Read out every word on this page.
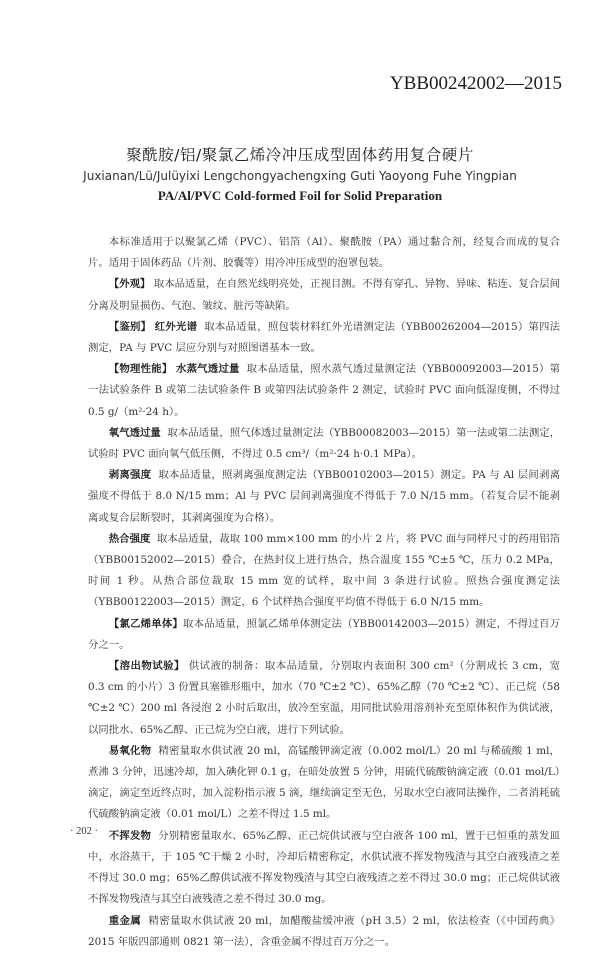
YBB00242002—2015
聚酰胺/铝/聚氯乙烯冷冲压成型固体药用复合硬片
Juxianan/Lü/Julüyixi Lengchongyachengxing Guti Yaoyong Fuhe Yingpian
PA/Al/PVC Cold-formed Foil for Solid Preparation

本标准适用于以聚氯乙烯（PVC）、铝箔（Al）、聚酰胺（PA）通过黏合剂，经复合而成的复合片。适用于固体药品（片剂、胶囊等）用冷冲压成型的泡罩包装。

【外观】 取本品适量，在自然光线明亮处，正视目测。不得有穿孔、异物、异味、粘连、复合层间分离及明显损伤、气泡、皱纹、脏污等缺陷。

【鉴别】 红外光谱 取本品适量，照包装材料红外光谱测定法（YBB00262004—2015）第四法测定，PA 与 PVC 层应分别与对照图谱基本一致。

【物理性能】 水蒸气透过量 取本品适量，照水蒸气透过量测定法（YBB00092003—2015）第一法试验条件 B 或第二法试验条件 B 或第四法试验条件 2 测定，试验时 PVC 面向低湿度侧，不得过 0.5 g/（m²·24 h）。

氧气透过量 取本品适量，照气体透过量测定法（YBB00082003—2015）第一法或第二法测定，试验时 PVC 面向氧气低压侧，不得过 0.5 cm³/（m²·24 h·0.1 MPa）。

剥离强度 取本品适量，照剥离强度测定法（YBB00102003—2015）测定。PA 与 Al 层间剥离强度不得低于 8.0 N/15 mm；Al 与 PVC 层间剥离强度不得低于 7.0 N/15 mm。（若复合层不能剥离或复合层断裂时，其剥离强度为合格）。

热合强度 取本品适量，裁取 100 mm×100 mm 的小片 2 片，将 PVC 面与同样尺寸的药用铝箔（YBB00152002—2015）叠合，在热封仪上进行热合，热合温度 155 ℃±5 ℃，压力 0.2 MPa，时间 1 秒。从热合部位裁取 15 mm 宽的试样，取中间 3 条进行试验。照热合强度测定法（YBB00122003—2015）测定，6 个试样热合强度平均值不得低于 6.0 N/15 mm。

【氯乙烯单体】取本品适量，照氯乙烯单体测定法（YBB00142003—2015）测定，不得过百万分之一。

【溶出物试验】 供试液的制备：取本品适量，分别取内表面积 300 cm²（分割成长 3 cm，宽 0.3 cm 的小片）3 份置具塞锥形瓶中，加水（70 ℃±2 ℃）、65%乙醇（70 ℃±2 ℃）、正己烷（58 ℃±2 ℃）200 ml 各浸泡 2 小时后取出，放冷至室温，用同批试验用溶剂补充至原体积作为供试液，以同批水、65%乙醇、正己烷为空白液，进行下列试验。

易氧化物 精密量取水供试液 20 ml，高锰酸钾滴定液（0.002 mol/L）20 ml 与稀硫酸 1 ml，煮沸 3 分钟，迅速冷却，加入碘化钾 0.1 g，在暗处放置 5 分钟，用硫代硫酸钠滴定液（0.01 mol/L）滴定，滴定至近终点时，加入淀粉指示液 5 滴，继续滴定至无色，另取水空白液同法操作，二者消耗硫代硫酸钠滴定液（0.01 mol/L）之差不得过 1.5 ml。

不挥发物 分别精密量取水、65%乙醇、正己烷供试液与空白液各 100 ml，置于已恒重的蒸发皿中，水浴蒸干，于 105 ℃干燥 2 小时，冷却后精密称定，水供试液不挥发物残渣与其空白液残渣之差不得过 30.0 mg；65%乙醇供试液不挥发物残渣与其空白液残渣之差不得过 30.0 mg；正己烷供试液不挥发物残渣与其空白液残渣之差不得过 30.0 mg。

重金属 精密量取水供试液 20 ml，加醋酸盐缓冲液（pH 3.5）2 ml，依法检查（《中国药典》2015 年版四部通则 0821 第一法），含重金属不得过百万分之一。

· 202 ·
